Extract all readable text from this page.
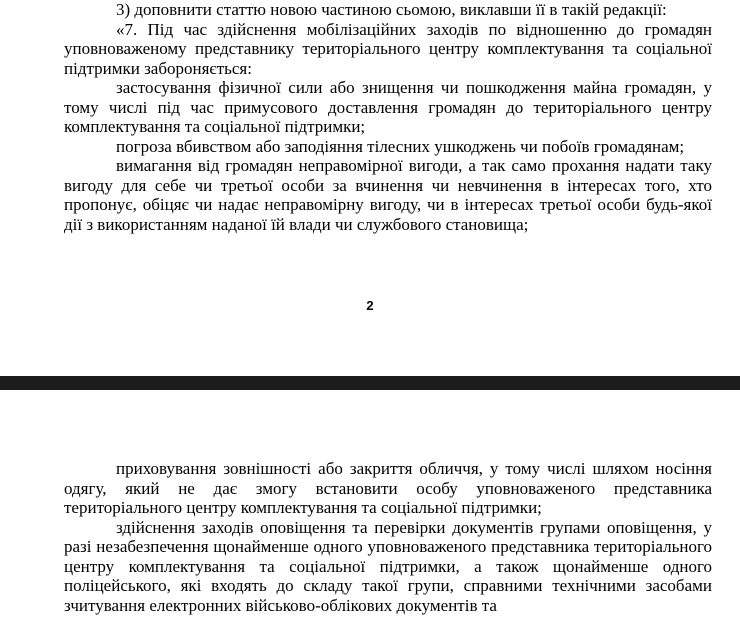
3) доповнити статтю новою частиною сьомою, виклавши її в такій редакції:

«7. Під час здійснення мобілізаційних заходів по відношенню до громадян уповноваженому представнику територіального центру комплектування та соціальної підтримки забороняється:

застосування фізичної сили або знищення чи пошкодження майна громадян, у тому числі під час примусового доставлення громадян до територіального центру комплектування та соціальної підтримки;

погроза вбивством або заподіяння тілесних ушкоджень чи побоїв громадянам;

вимагання від громадян неправомірної вигоди, а так само прохання надати таку вигоду для себе чи третьої особи за вчинення чи невчинення в інтересах того, хто пропонує, обіцяє чи надає неправомірну вигоду, чи в інтересах третьої особи будь-якої дії з використанням наданої їй влади чи службового становища;

2

приховування зовнішності або закриття обличчя, у тому числі шляхом носіння одягу, який не дає змогу встановити особу уповноваженого представника територіального центру комплектування та соціальної підтримки;

здійснення заходів оповіщення та перевірки документів групами оповіщення, у разі незабезпечення щонайменше одного уповноваженого представника територіального центру комплектування та соціальної підтримки, а також щонайменше одного поліцейського, які входять до складу такої групи, справними технічними засобами зчитування електронних військово-облікових документів та
